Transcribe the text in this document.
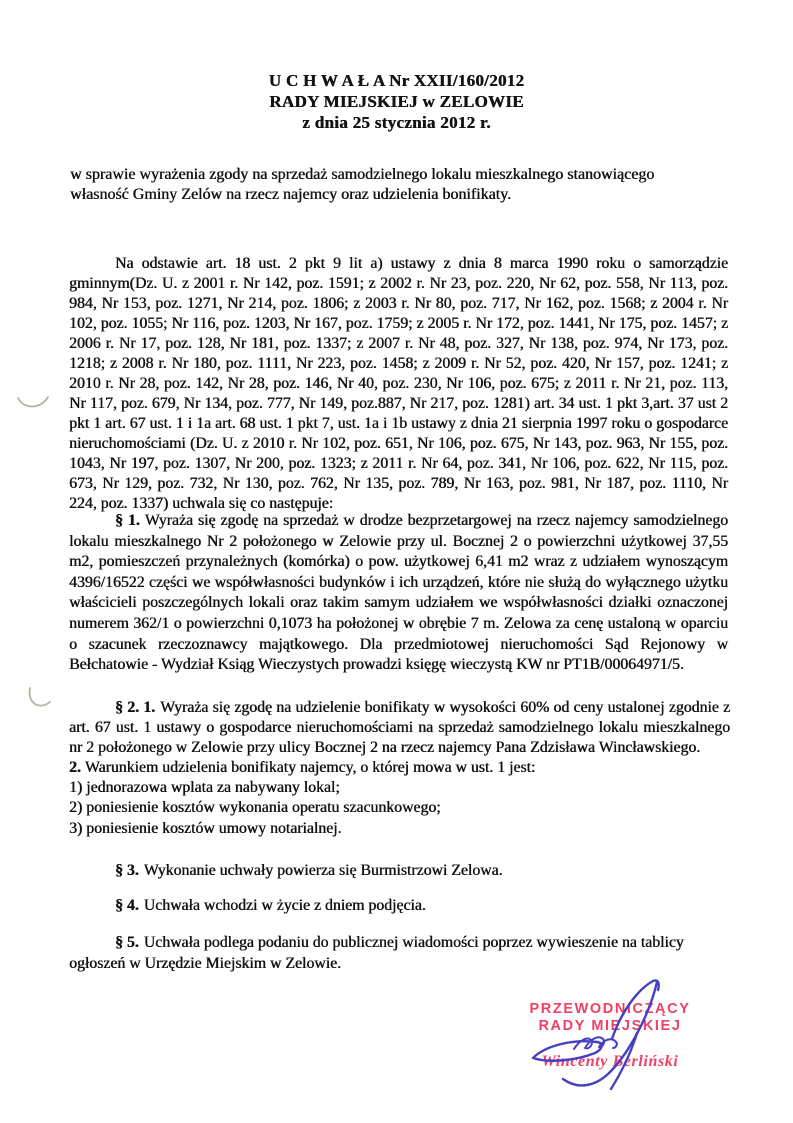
U C H W A Ł A Nr XXII/160/2012
RADY MIEJSKIEJ w ZELOWIE
z dnia 25 stycznia 2012 r.
w sprawie wyrażenia zgody na sprzedaż samodzielnego lokalu mieszkalnego stanowiącego własność Gminy Zelów na rzecz najemcy oraz udzielenia bonifikaty.

Na odstawie art. 18 ust. 2 pkt 9 lit a) ustawy z dnia 8 marca 1990 roku o samorządzie gminnym(Dz. U. z 2001 r. Nr 142, poz. 1591; z 2002 r. Nr 23, poz. 220, Nr 62, poz. 558, Nr 113, poz. 984, Nr 153, poz. 1271, Nr 214, poz. 1806; z 2003 r. Nr 80, poz. 717, Nr 162, poz. 1568; z 2004 r. Nr 102, poz. 1055; Nr 116, poz. 1203, Nr 167, poz. 1759; z 2005 r. Nr 172, poz. 1441, Nr 175, poz. 1457; z 2006 r. Nr 17, poz. 128, Nr 181, poz. 1337; z 2007 r. Nr 48, poz. 327, Nr 138, poz. 974, Nr 173, poz. 1218; z 2008 r. Nr 180, poz. 1111, Nr 223, poz. 1458; z 2009 r. Nr 52, poz. 420, Nr 157, poz. 1241; z 2010 r. Nr 28, poz. 142, Nr 28, poz. 146, Nr 40, poz. 230, Nr 106, poz. 675; z 2011 r. Nr 21, poz. 113, Nr 117, poz. 679, Nr 134, poz. 777, Nr 149, poz.887, Nr 217, poz. 1281) art. 34 ust. 1 pkt 3,art. 37 ust 2 pkt 1 art. 67 ust. 1 i 1a art. 68 ust. 1 pkt 7, ust. 1a i 1b ustawy z dnia 21 sierpnia 1997 roku o gospodarce nieruchomościami (Dz. U. z 2010 r. Nr 102, poz. 651, Nr 106, poz. 675, Nr 143, poz. 963, Nr 155, poz. 1043, Nr 197, poz. 1307, Nr 200, poz. 1323; z 2011 r. Nr 64, poz. 341, Nr 106, poz. 622, Nr 115, poz. 673, Nr 129, poz. 732, Nr 130, poz. 762, Nr 135, poz. 789, Nr 163, poz. 981, Nr 187, poz. 1110, Nr 224, poz. 1337) uchwala się co następuje:

§ 1. Wyraża się zgodę na sprzedaż w drodze bezprzetargowej na rzecz najemcy samodzielnego lokalu mieszkalnego Nr 2 położonego w Zelowie przy ul. Bocznej 2 o powierzchni użytkowej 37,55 m2, pomieszczeń przynależnych (komórka) o pow. użytkowej 6,41 m2 wraz z udziałem wynoszącym 4396/16522 części we współwłasności budynków i ich urządzeń, które nie służą do wyłącznego użytku właścicieli poszczególnych lokali oraz takim samym udziałem we współwłasności działki oznaczonej numerem 362/1 o powierzchni 0,1073 ha położonej w obrębie 7 m. Zelowa za cenę ustaloną w oparciu o szacunek rzeczoznawcy majątkowego. Dla przedmiotowej nieruchomości Sąd Rejonowy w Bełchatowie - Wydział Ksiąg Wieczystych prowadzi księgę wieczystą KW nr PT1B/00064971/5.

§ 2. 1. Wyraża się zgodę na udzielenie bonifikaty w wysokości 60% od ceny ustalonej zgodnie z art. 67 ust. 1 ustawy o gospodarce nieruchomościami na sprzedaż samodzielnego lokalu mieszkalnego nr 2 położonego w Zelowie przy ulicy Bocznej 2 na rzecz najemcy Pana Zdzisława Wincławskiego.

2. Warunkiem udzielenia bonifikaty najemcy, o której mowa w ust. 1 jest:

1) jednorazowa wplata za nabywany lokal;

2) poniesienie kosztów wykonania operatu szacunkowego;

3) poniesienie kosztów umowy notarialnej.

§ 3. Wykonanie uchwały powierza się Burmistrzowi Zelowa.

§ 4. Uchwała wchodzi w życie z dniem podjęcia.

§ 5. Uchwała podlega podaniu do publicznej wiadomości poprzez wywieszenie na tablicy ogłoszeń w Urzędzie Miejskim w Zelowie.

PRZEWODNICZĄCY
RADY MIEJSKIEJ
Wincenty Berliński
